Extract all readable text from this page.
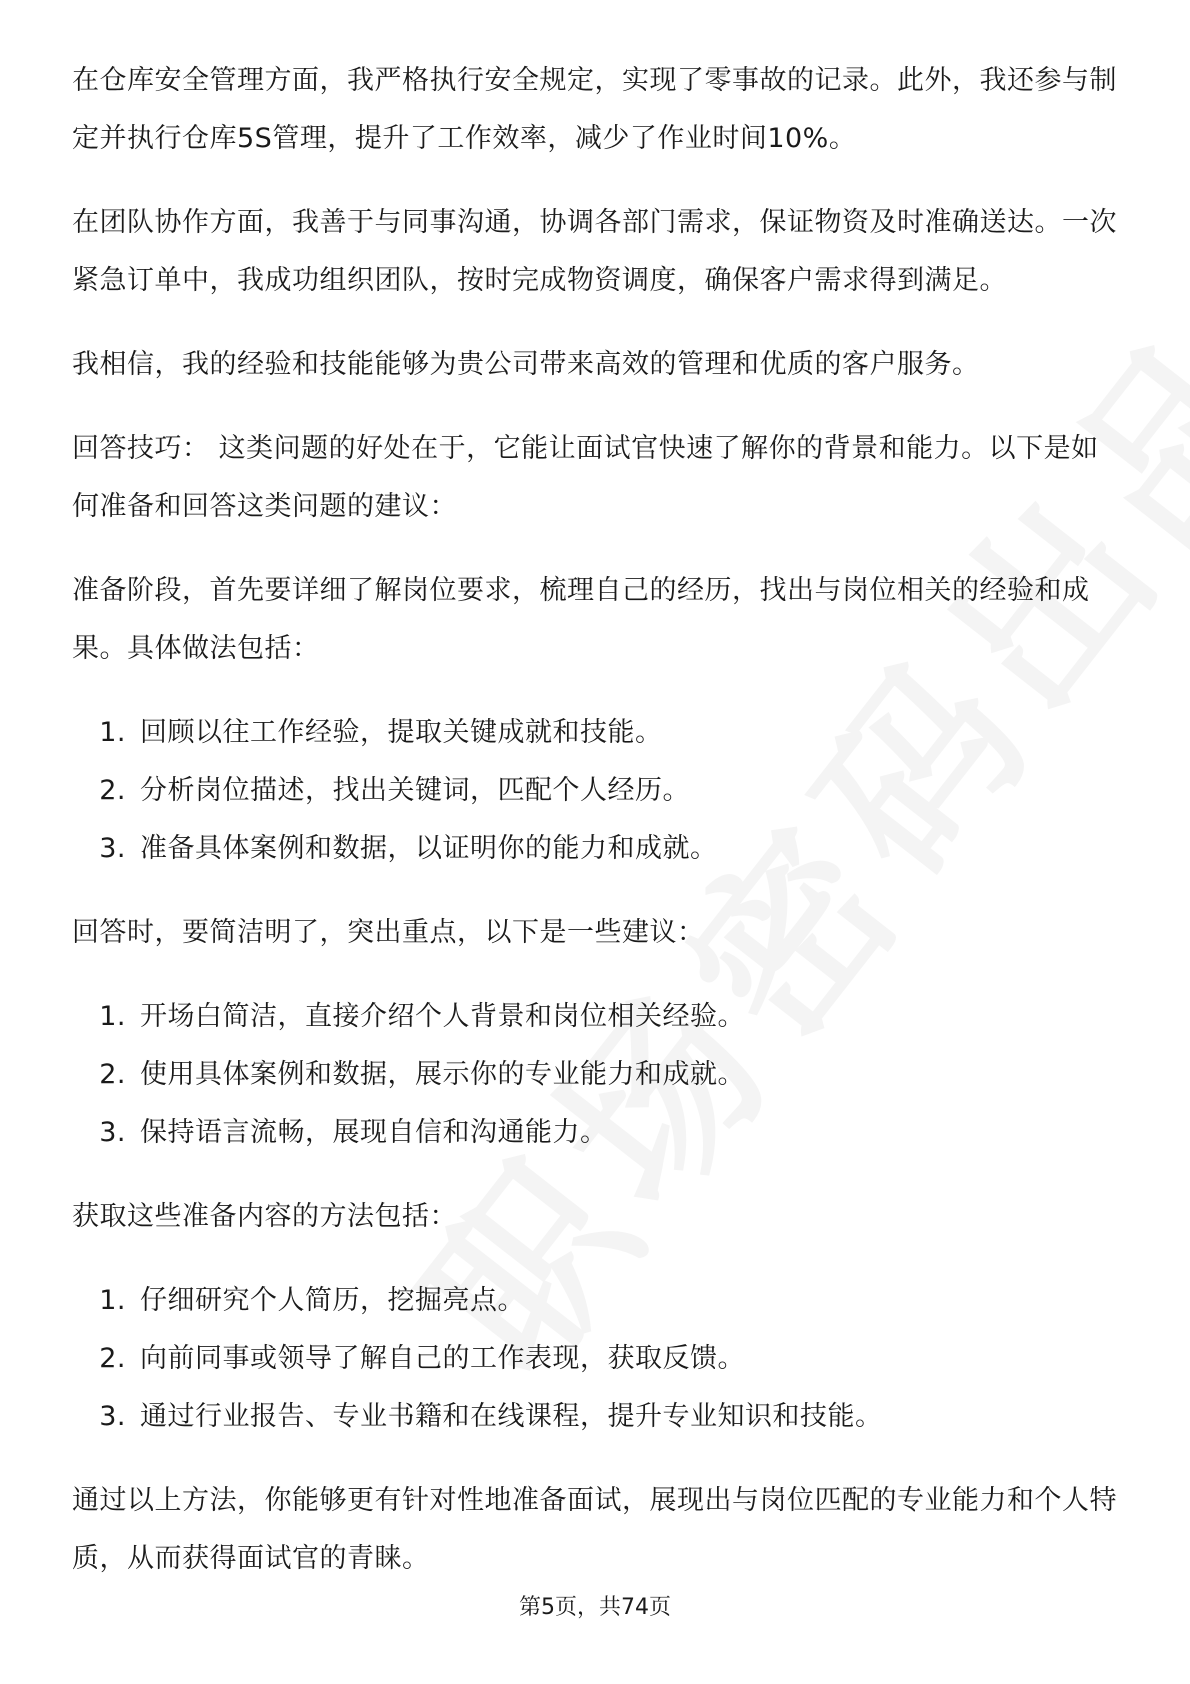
在仓库安全管理方面，我严格执行安全规定，实现了零事故的记录。此外，我还参与制定并执行仓库5S管理，提升了工作效率，减少了作业时间10%。

在团队协作方面，我善于与同事沟通，协调各部门需求，保证物资及时准确送达。一次紧急订单中，我成功组织团队，按时完成物资调度，确保客户需求得到满足。

我相信，我的经验和技能能够为贵公司带来高效的管理和优质的客户服务。

回答技巧： 这类问题的好处在于，它能让面试官快速了解你的背景和能力。以下是如何准备和回答这类问题的建议：

准备阶段，首先要详细了解岗位要求，梳理自己的经历，找出与岗位相关的经验和成果。具体做法包括：

1. 回顾以往工作经验，提取关键成就和技能。
2. 分析岗位描述，找出关键词，匹配个人经历。
3. 准备具体案例和数据，以证明你的能力和成就。

回答时，要简洁明了，突出重点，以下是一些建议：

1. 开场白简洁，直接介绍个人背景和岗位相关经验。
2. 使用具体案例和数据，展示你的专业能力和成就。
3. 保持语言流畅，展现自信和沟通能力。

获取这些准备内容的方法包括：

1. 仔细研究个人简历，挖掘亮点。
2. 向前同事或领导了解自己的工作表现，获取反馈。
3. 通过行业报告、专业书籍和在线课程，提升专业知识和技能。

通过以上方法，你能够更有针对性地准备面试，展现出与岗位匹配的专业能力和个人特质，从而获得面试官的青睐。

第5页，共74页
